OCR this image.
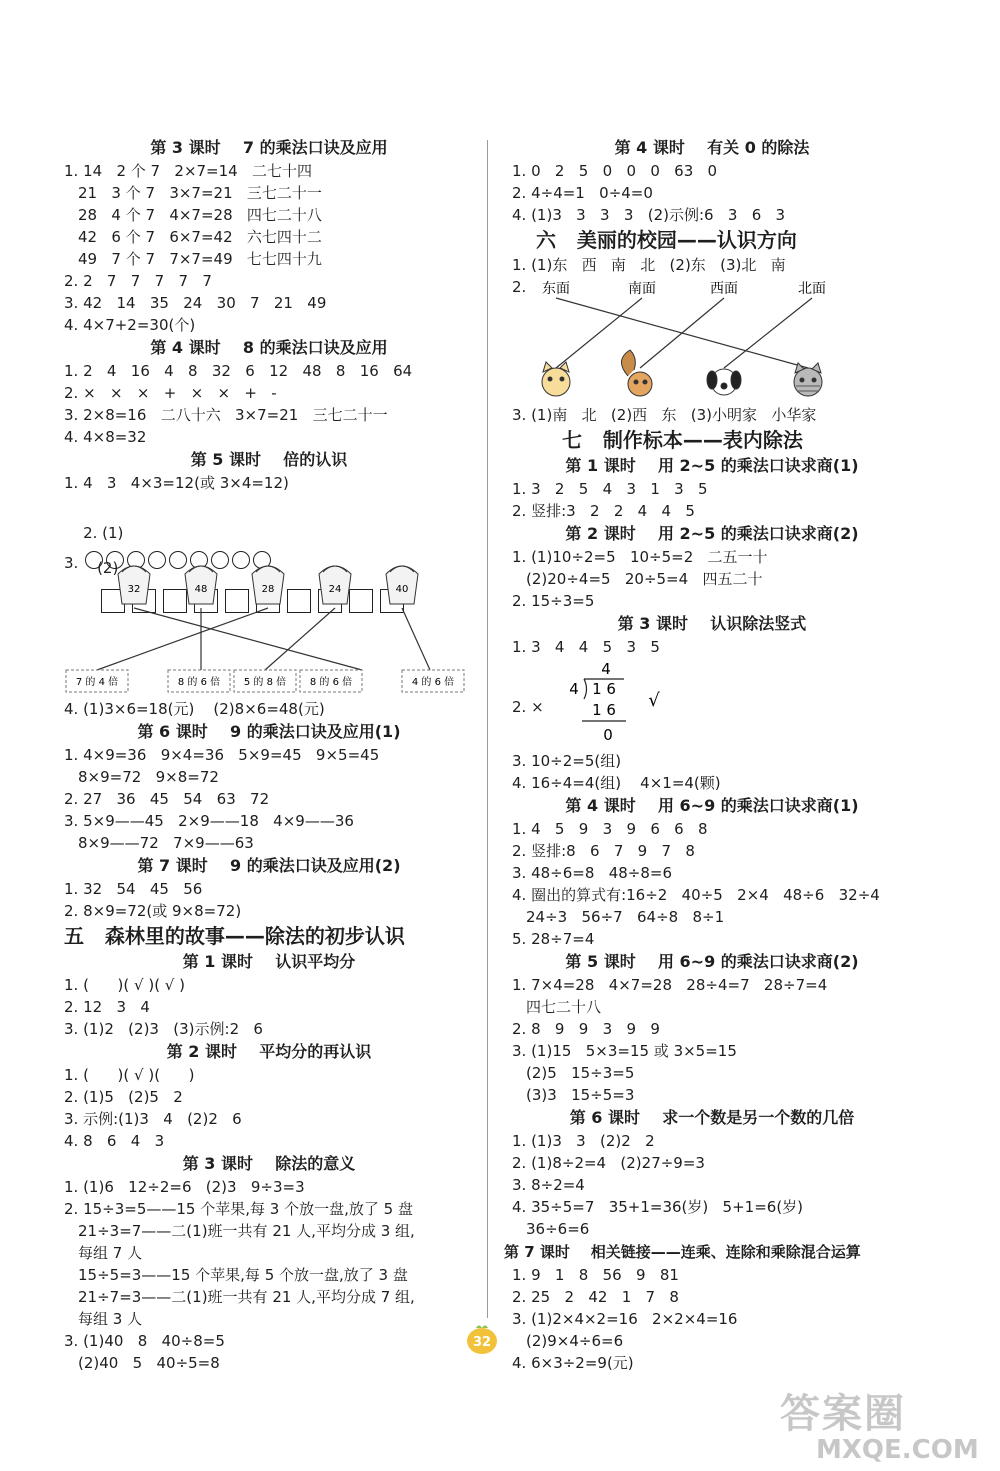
第 3 课时    7 的乘法口诀及应用
1. 14   2 个 7   2×7=14   二七十四
21   3 个 7   3×7=21   三七二十一
28   4 个 7   4×7=28   四七二十八
42   6 个 7   6×7=42   六七四十二
49   7 个 7   7×7=49   七七四十九
2. 2   7   7   7   7   7
3. 42   14   35   24   30   7   21   49
4. 4×7+2=30(个)
第 4 课时    8 的乘法口诀及应用
1. 2   4   16   4   8   32   6   12   48   8   16   64
2. ×   ×   ×   +   ×   ×   +   -
3. 2×8=16   二八十六   3×7=21   三七二十一
4. 4×8=32
第 5 课时    倍的认识
1. 4   3   4×3=12(或 3×4=12)

2. (1)

(2)

3.
32	48	28	24	40
7 的 4 倍	8 的 6 倍 5 的 8 倍 8 的 6 倍	4 的 6 倍
4. (1)3×6=18(元)    (2)8×6=48(元)
第 6 课时    9 的乘法口诀及应用(1)
1. 4×9=36   9×4=36   5×9=45   9×5=45
8×9=72   9×8=72
2. 27   36   45   54   63   72
3. 5×9——45   2×9——18   4×9——36
8×9——72   7×9——63
第 7 课时    9 的乘法口诀及应用(2)
1. 32   54   45   56
2. 8×9=72(或 9×8=72)
五   森林里的故事——除法的初步认识
第 1 课时    认识平均分
1. (      )( √ )( √ )
2. 12   3   4
3. (1)2   (2)3   (3)示例:2   6
第 2 课时    平均分的再认识
1. (      )( √ )(      )
2. (1)5   (2)5   2
3. 示例:(1)3   4   (2)2   6
4. 8   6   4   3
第 3 课时    除法的意义
1. (1)6   12÷2=6   (2)3   9÷3=3
2. 15÷3=5——15 个苹果,每 3 个放一盘,放了 5 盘
21÷3=7——二(1)班一共有 21 人,平均分成 3 组,
每组 7 人
15÷5=3——15 个苹果,每 5 个放一盘,放了 3 盘
21÷7=3——二(1)班一共有 21 人,平均分成 7 组,
每组 3 人
3. (1)40   8   40÷8=5
(2)40   5   40÷5=8
第 4 课时    有关 0 的除法
1. 0   2   5   0   0   0   63   0
2. 4÷4=1   0÷4=0
4. (1)3   3   3   3   (2)示例:6   3   6   3
六   美丽的校园——认识方向
1. (1)东   西   南   北   (2)东   (3)北   南
2. 东面	南面	西面	北面
3. (1)南   北   (2)西   东   (3)小明家   小华家
七   制作标本——表内除法
第 1 课时    用 2~5 的乘法口诀求商(1)
1. 3   2   5   4   3   1   3   5
2. 竖排:3   2   2   4   4   5
第 2 课时    用 2~5 的乘法口诀求商(2)
1. (1)10÷2=5   10÷5=2   二五一十
(2)20÷4=5   20÷5=4   四五二十
2. 15÷3=5
第 3 课时    认识除法竖式
1. 3   4   4   5   3   5
2. ×
4
4 1 6
1 6
0
√
3. 10÷2=5(组)
4. 16÷4=4(组)    4×1=4(颗)
第 4 课时    用 6~9 的乘法口诀求商(1)
1. 4   5   9   3   9   6   6   8
2. 竖排:8   6   7   9   7   8
3. 48÷6=8   48÷8=6
4. 圈出的算式有:16÷2   40÷5   2×4   48÷6   32÷4
24÷3   56÷7   64÷8   8÷1
5. 28÷7=4
第 5 课时    用 6~9 的乘法口诀求商(2)
1. 7×4=28   4×7=28   28÷4=7   28÷7=4
四七二十八
2. 8   9   9   3   9   9
3. (1)15   5×3=15 或 3×5=15
(2)5   15÷3=5
(3)3   15÷5=3
第 6 课时    求一个数是另一个数的几倍
1. (1)3   3   (2)2   2
2. (1)8÷2=4   (2)27÷9=3
3. 8÷2=4
4. 35÷5=7   35+1=36(岁)   5+1=6(岁)
36÷6=6
第 7 课时    相关链接——连乘、连除和乘除混合运算
1. 9   1   8   56   9   81
2. 25   2   42   1   7   8
3. (1)2×4×2=16   2×2×4=16
(2)9×4÷6=6
4. 6×3÷2=9(元)
32
答案圈
MXQE.COM
